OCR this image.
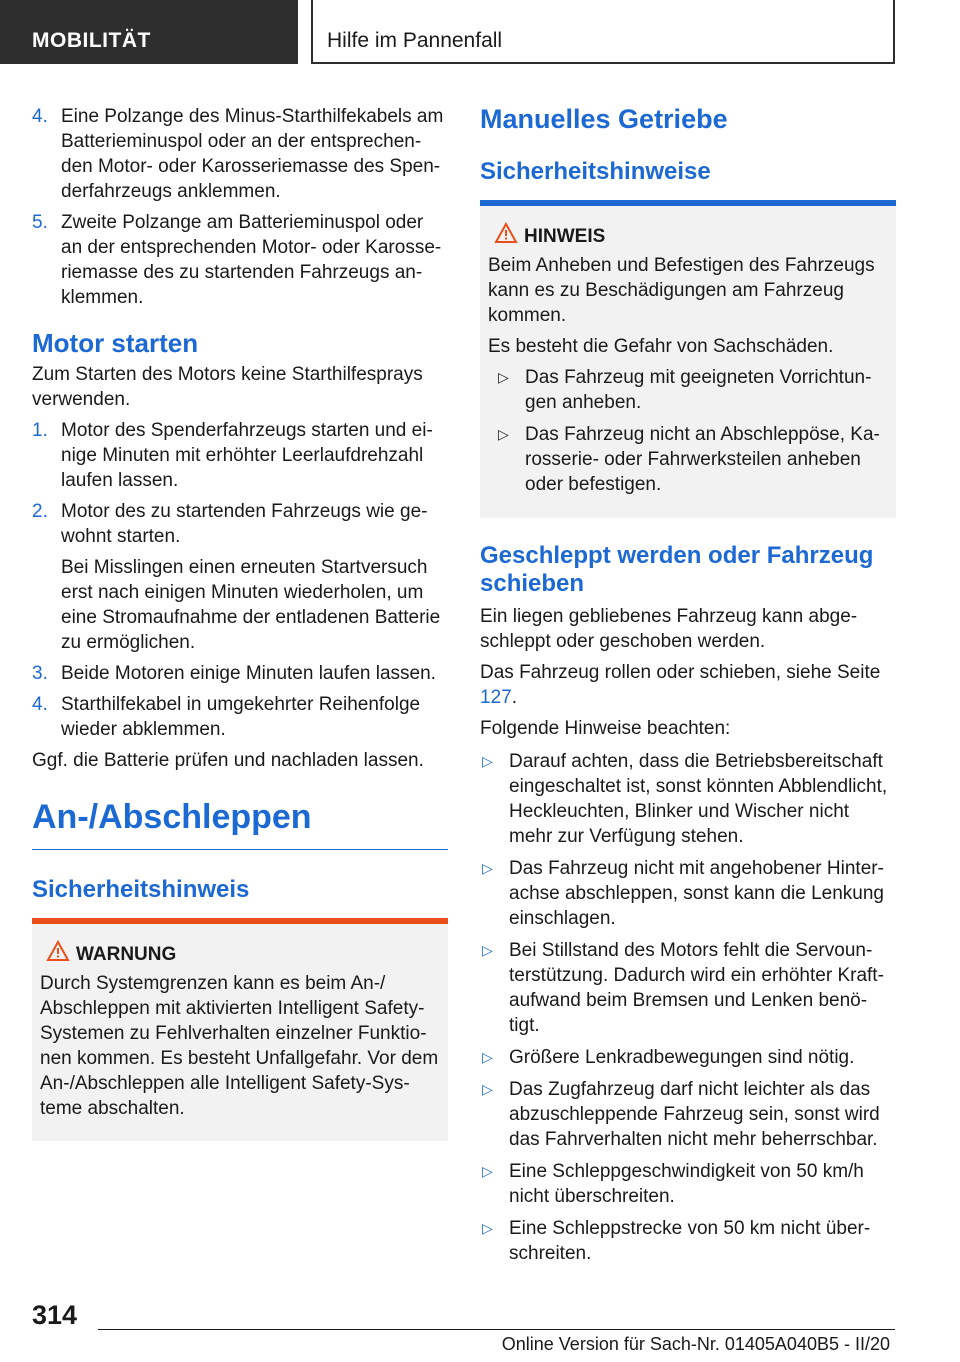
MOBILITÄT	Hilfe im Pannenfall
4. Eine Polzange des Minus-Starthilfekabels am Batterieminuspol oder an der entsprechen-den Motor- oder Karosseriemasse des Spen-derfahrzeugs anklemmen.
5. Zweite Polzange am Batterieminuspol oder an der entsprechenden Motor- oder Karosse-riemasse des zu startenden Fahrzeugs an-klemmen.
Motor starten

Zum Starten des Motors keine Starthilfesprays verwenden.

1. Motor des Spenderfahrzeugs starten und ei-nige Minuten mit erhöhter Leerlaufdrehzahl laufen lassen.
2. Motor des zu startenden Fahrzeugs wie ge-wohnt starten.
Bei Misslingen einen erneuten Startversuch erst nach einigen Minuten wiederholen, um eine Stromaufnahme der entladenen Batterie zu ermöglichen.
3. Beide Motoren einige Minuten laufen lassen.
4. Starthilfekabel in umgekehrter Reihenfolge wieder abklemmen.

Ggf. die Batterie prüfen und nachladen lassen.

An-/Abschleppen
Sicherheitshinweis
WARNUNG

Durch Systemgrenzen kann es beim An-/ Abschleppen mit aktivierten Intelligent Safety-Systemen zu Fehlverhalten einzelner Funktio-nen kommen. Es besteht Unfallgefahr. Vor dem An-/Abschleppen alle Intelligent Safety-Sys-teme abschalten.

Manuelles Getriebe
Sicherheitshinweise
HINWEIS

Beim Anheben und Befestigen des Fahrzeugs kann es zu Beschädigungen am Fahrzeug kommen.

Es besteht die Gefahr von Sachschäden.

▷ Das Fahrzeug mit geeigneten Vorrichtun-gen anheben.
▷ Das Fahrzeug nicht an Abschleppöse, Ka-rosserie- oder Fahrwerksteilen anheben oder befestigen.
Geschleppt werden oder Fahrzeug schieben

Ein liegen gebliebenes Fahrzeug kann abge-schleppt oder geschoben werden.

Das Fahrzeug rollen oder schieben, siehe Seite 127.

Folgende Hinweise beachten:

▷ Darauf achten, dass die Betriebsbereitschaft eingeschaltet ist, sonst könnten Abblendlicht, Heckleuchten, Blinker und Wischer nicht mehr zur Verfügung stehen.
▷ Das Fahrzeug nicht mit angehobener Hinter-achse abschleppen, sonst kann die Lenkung einschlagen.
▷ Bei Stillstand des Motors fehlt die Servoun-terstützung. Dadurch wird ein erhöhter Kraft-aufwand beim Bremsen und Lenken benö-tigt.
▷ Größere Lenkradbewegungen sind nötig.
▷ Das Zugfahrzeug darf nicht leichter als das abzuschleppende Fahrzeug sein, sonst wird das Fahrverhalten nicht mehr beherrschbar.
▷ Eine Schleppgeschwindigkeit von 50 km/h nicht überschreiten.
▷ Eine Schleppstrecke von 50 km nicht über-schreiten.
314
Online Version für Sach-Nr. 01405A040B5 - II/20
